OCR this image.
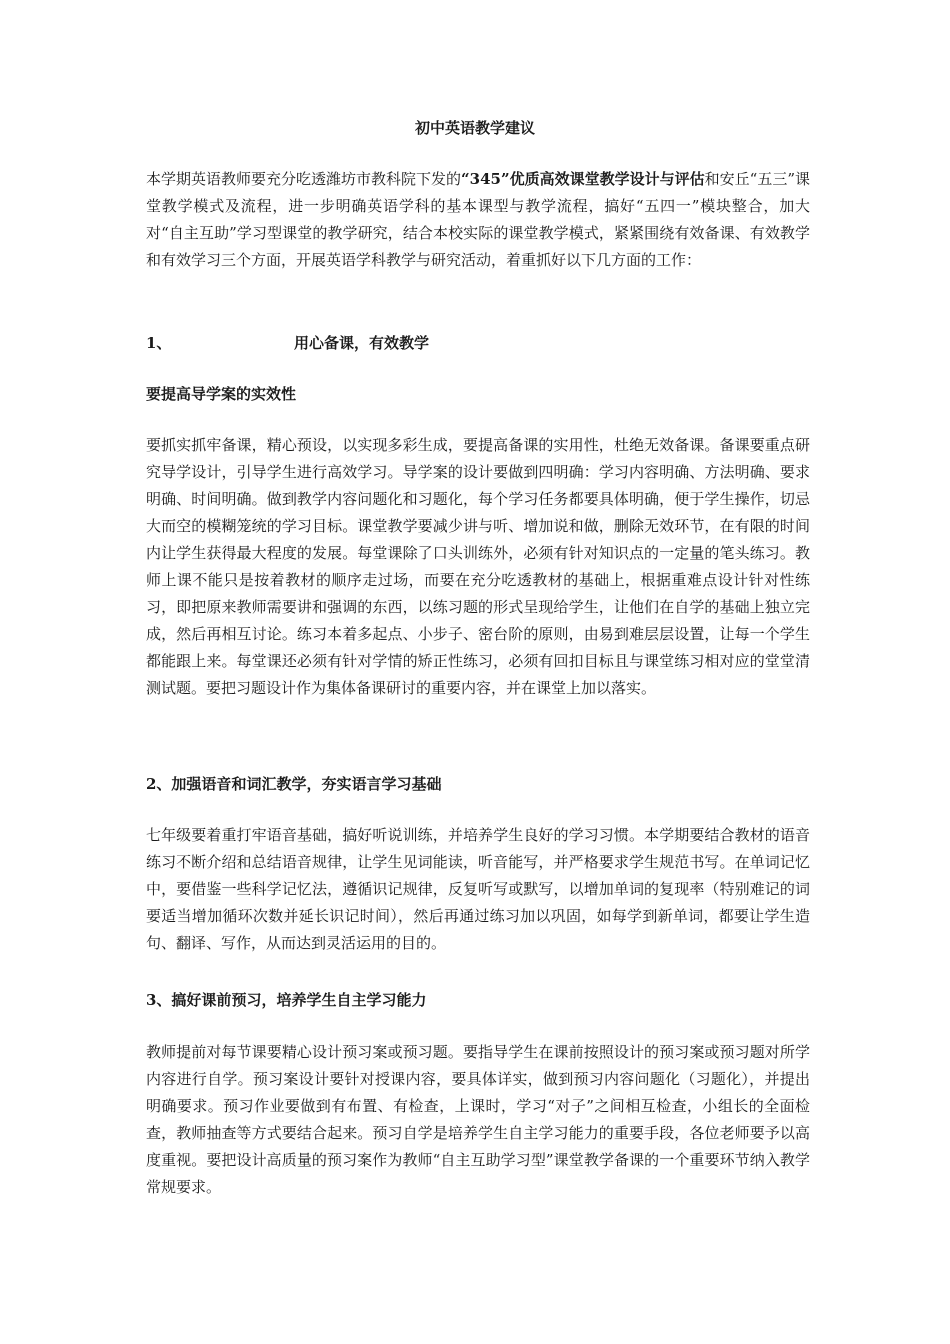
初中英语教学建议
本学期英语教师要充分吃透潍坊市教科院下发的“345”优质高效课堂教学设计与评估和安丘“五三”课堂教学模式及流程，进一步明确英语学科的基本课型与教学流程，搞好“五四一”模块整合，加大对“自主互助”学习型课堂的教学研究，结合本校实际的课堂教学模式，紧紧围绕有效备课、有效教学和有效学习三个方面，开展英语学科教学与研究活动，着重抓好以下几方面的工作：
1、	用心备课，有效教学
要提高导学案的实效性
要抓实抓牢备课，精心预设，以实现多彩生成，要提高备课的实用性，杜绝无效备课。备课要重点研究导学设计，引导学生进行高效学习。导学案的设计要做到四明确：学习内容明确、方法明确、要求明确、时间明确。做到教学内容问题化和习题化，每个学习任务都要具体明确，便于学生操作，切忌大而空的模糊笼统的学习目标。课堂教学要减少讲与听、增加说和做，删除无效环节，在有限的时间内让学生获得最大程度的发展。每堂课除了口头训练外，必须有针对知识点的一定量的笔头练习。教师上课不能只是按着教材的顺序走过场，而要在充分吃透教材的基础上，根据重难点设计针对性练习，即把原来教师需要讲和强调的东西，以练习题的形式呈现给学生，让他们在自学的基础上独立完成，然后再相互讨论。练习本着多起点、小步子、密台阶的原则，由易到难层层设置，让每一个学生都能跟上来。每堂课还必须有针对学情的矫正性练习，必须有回扣目标且与课堂练习相对应的堂堂清测试题。要把习题设计作为集体备课研讨的重要内容，并在课堂上加以落实。
2、加强语音和词汇教学，夯实语言学习基础
七年级要着重打牢语音基础，搞好听说训练，并培养学生良好的学习习惯。本学期要结合教材的语音练习不断介绍和总结语音规律，让学生见词能读，听音能写，并严格要求学生规范书写。在单词记忆中，要借鉴一些科学记忆法，遵循识记规律，反复听写或默写，以增加单词的复现率（特别难记的词要适当增加循环次数并延长识记时间），然后再通过练习加以巩固，如每学到新单词，都要让学生造句、翻译、写作，从而达到灵活运用的目的。
3、搞好课前预习，培养学生自主学习能力
教师提前对每节课要精心设计预习案或预习题。要指导学生在课前按照设计的预习案或预习题对所学内容进行自学。预习案设计要针对授课内容，要具体详实，做到预习内容问题化（习题化），并提出明确要求。预习作业要做到有布置、有检查，上课时，学习“对子”之间相互检查，小组长的全面检查，教师抽查等方式要结合起来。预习自学是培养学生自主学习能力的重要手段，各位老师要予以高度重视。要把设计高质量的预习案作为教师“自主互助学习型”课堂教学备课的一个重要环节纳入教学常规要求。
